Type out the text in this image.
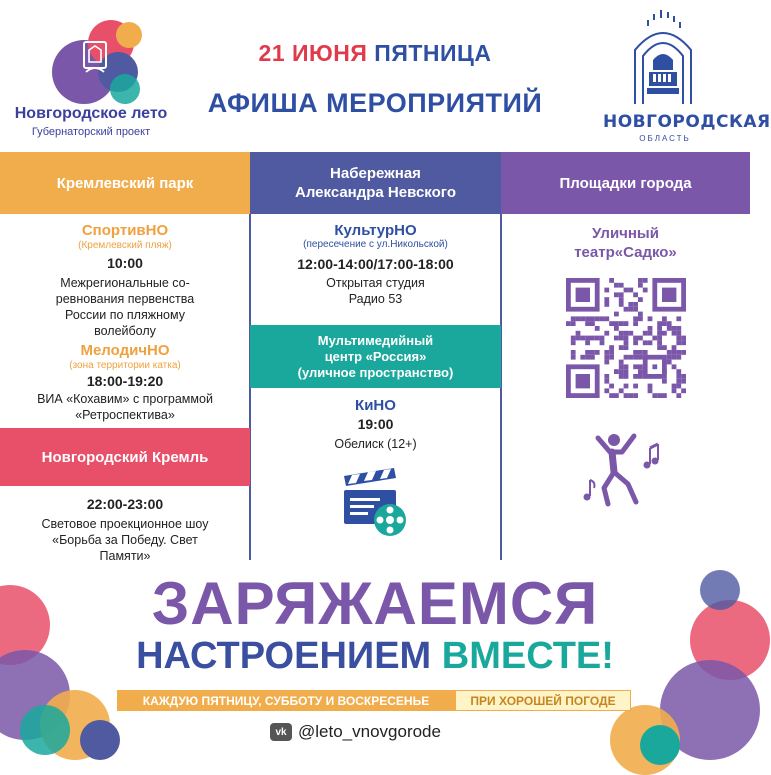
Новгородское лето
Губернаторский проект
21 ИЮНЯ ПЯТНИЦА
АФИША МЕРОПРИЯТИЙ
НОВГОРОДСКАЯ
ОБЛАСТЬ
Кремлевский парк
Набережная
Александра Невского
Площадки города
СпортивНО
(Кремлевский пляж)
10:00
Межрегиональные со-
ревнования первенства
России по пляжному
волейболу
МелодичНО
(зона территории катка)
18:00-19:20
ВИА «Кохавим» с программой
«Ретроспектива»
Новгородский Кремль
22:00-23:00
Световое проекционное шоу
«Борьба за Победу. Свет
Памяти»
КультурНО
(пересечение с ул.Никольской)
12:00-14:00/17:00-18:00
Открытая студия
Радио 53
Мультимедийный
центр «Россия»
(уличное пространство)
КиНО
19:00
Обелиск (12+)
Уличный
театр«Садко»
ЗАРЯЖАЕМСЯ
НАСТРОЕНИЕМ ВМЕСТЕ!
КАЖДУЮ ПЯТНИЦУ, СУББОТУ И ВОСКРЕСЕНЬЕ	ПРИ ХОРОШЕЙ ПОГОДЕ
vk @leto_vnovgorode
